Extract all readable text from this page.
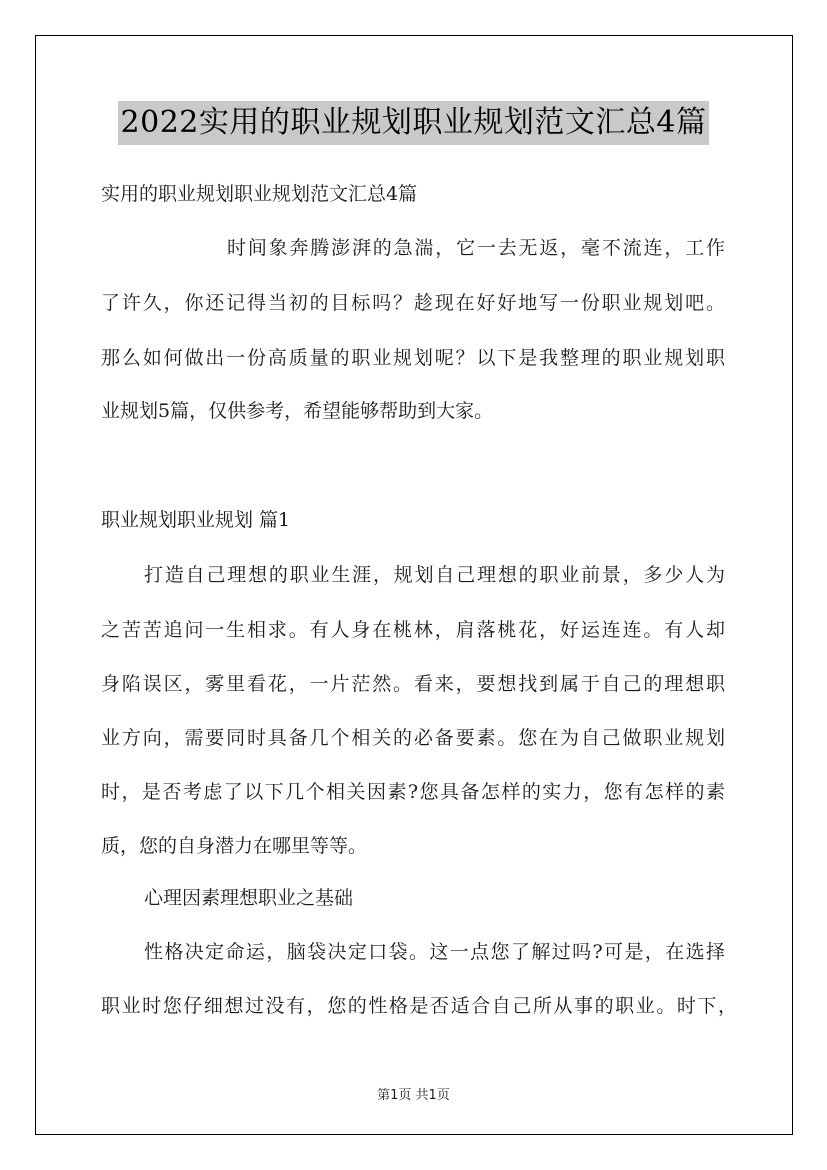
2022实用的职业规划职业规划范文汇总4篇
实用的职业规划职业规划范文汇总4篇
时间象奔腾澎湃的急湍，它一去无返，毫不流连，工作
了许久，你还记得当初的目标吗？趁现在好好地写一份职业规划吧。
那么如何做出一份高质量的职业规划呢？以下是我整理的职业规划职
业规划5篇，仅供参考，希望能够帮助到大家。
职业规划职业规划 篇1
打造自己理想的职业生涯，规划自己理想的职业前景，多少人为
之苦苦追问一生相求。有人身在桃林，肩落桃花，好运连连。有人却
身陷误区，雾里看花，一片茫然。看来，要想找到属于自己的理想职
业方向，需要同时具备几个相关的必备要素。您在为自己做职业规划
时，是否考虑了以下几个相关因素?您具备怎样的实力，您有怎样的素
质，您的自身潜力在哪里等等。
心理因素理想职业之基础
性格决定命运，脑袋决定口袋。这一点您了解过吗?可是，在选择
职业时您仔细想过没有，您的性格是否适合自己所从事的职业。时下，
第1页 共1页
